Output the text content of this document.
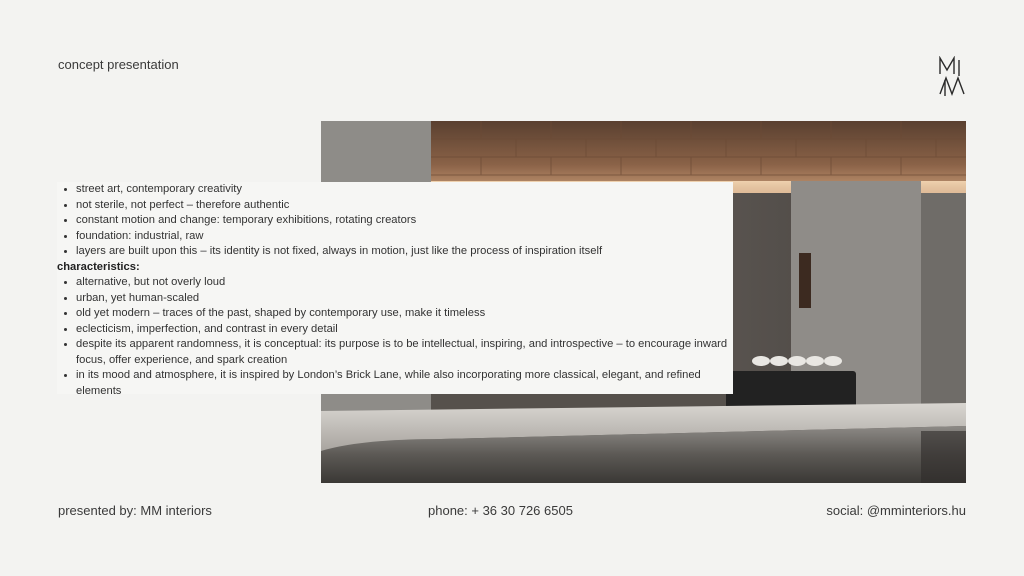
concept presentation
• street art, contemporary creativity
• not sterile, not perfect – therefore authentic
• constant motion and change: temporary exhibitions, rotating creators
• foundation: industrial, raw
• layers are built upon this – its identity is not fixed, always in motion, just like the process of inspiration itself
characteristics:
• alternative, but not overly loud
• urban, yet human-scaled
• old yet modern – traces of the past, shaped by contemporary use, make it timeless
• eclecticism, imperfection, and contrast in every detail
• despite its apparent randomness, it is conceptual: its purpose is to be intellectual, inspiring, and introspective – to encourage inward focus, offer experience, and spark creation
• in its mood and atmosphere, it is inspired by London’s Brick Lane, while also incorporating more classical, elegant, and refined elements
presented by: MM interiors	phone: + 36 30 726 6505	social: @mminteriors.hu
